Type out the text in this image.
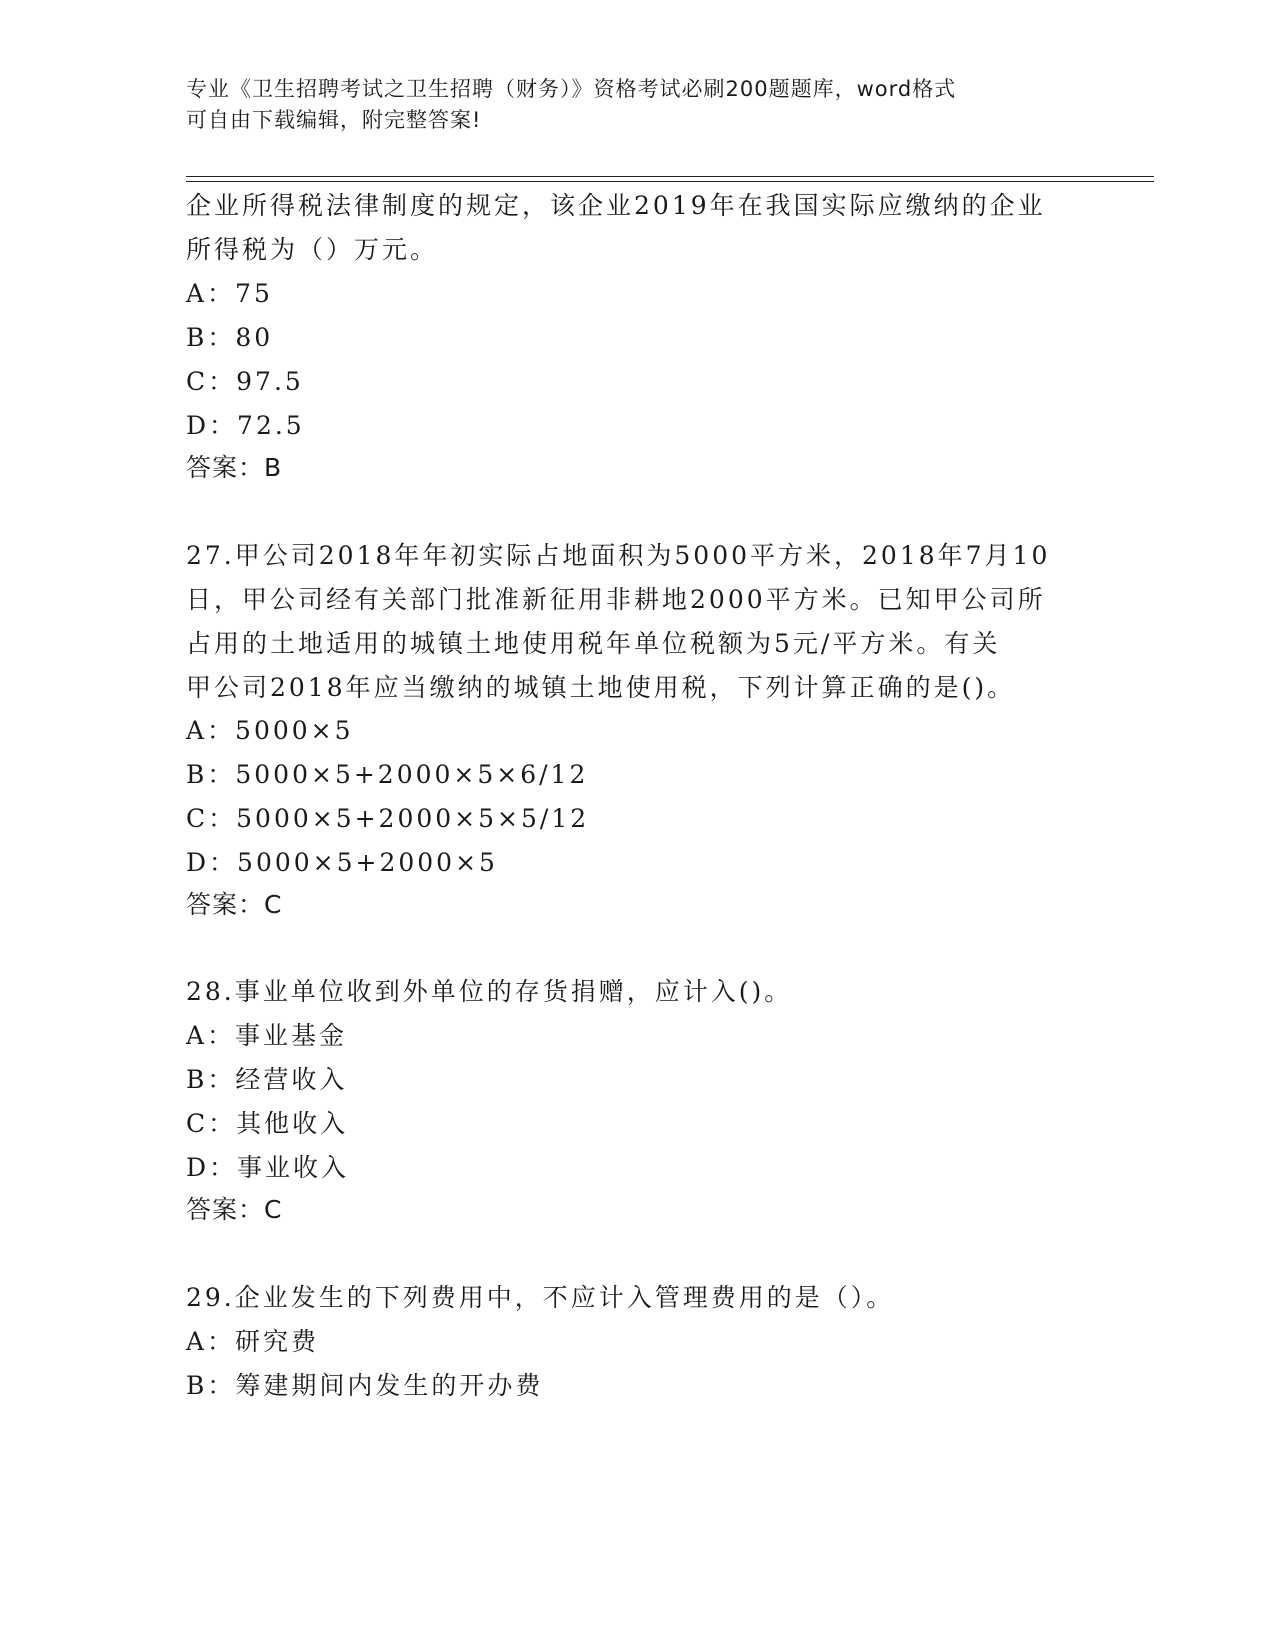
专业《卫生招聘考试之卫生招聘（财务）》资格考试必刷200题题库，word格式

可自由下载编辑，附完整答案!

企业所得税法律制度的规定，该企业2019年在我国实际应缴纳的企业
所得税为（）万元。
A：75
B：80
C：97.5
D：72.5
答案：B
27.甲公司2018年年初实际占地面积为5000平方米，2018年7月10
日，甲公司经有关部门批准新征用非耕地2000平方米。已知甲公司所
占用的土地适用的城镇土地使用税年单位税额为5元/平方米。有关
甲公司2018年应当缴纳的城镇土地使用税，下列计算正确的是()。
A：5000×5
B：5000×5+2000×5×6/12
C：5000×5+2000×5×5/12
D：5000×5+2000×5
答案：C
28.事业单位收到外单位的存货捐赠，应计入()。
A：事业基金
B：经营收入
C：其他收入
D：事业收入
答案：C
29.企业发生的下列费用中，不应计入管理费用的是（）。
A：研究费
B：筹建期间内发生的开办费
